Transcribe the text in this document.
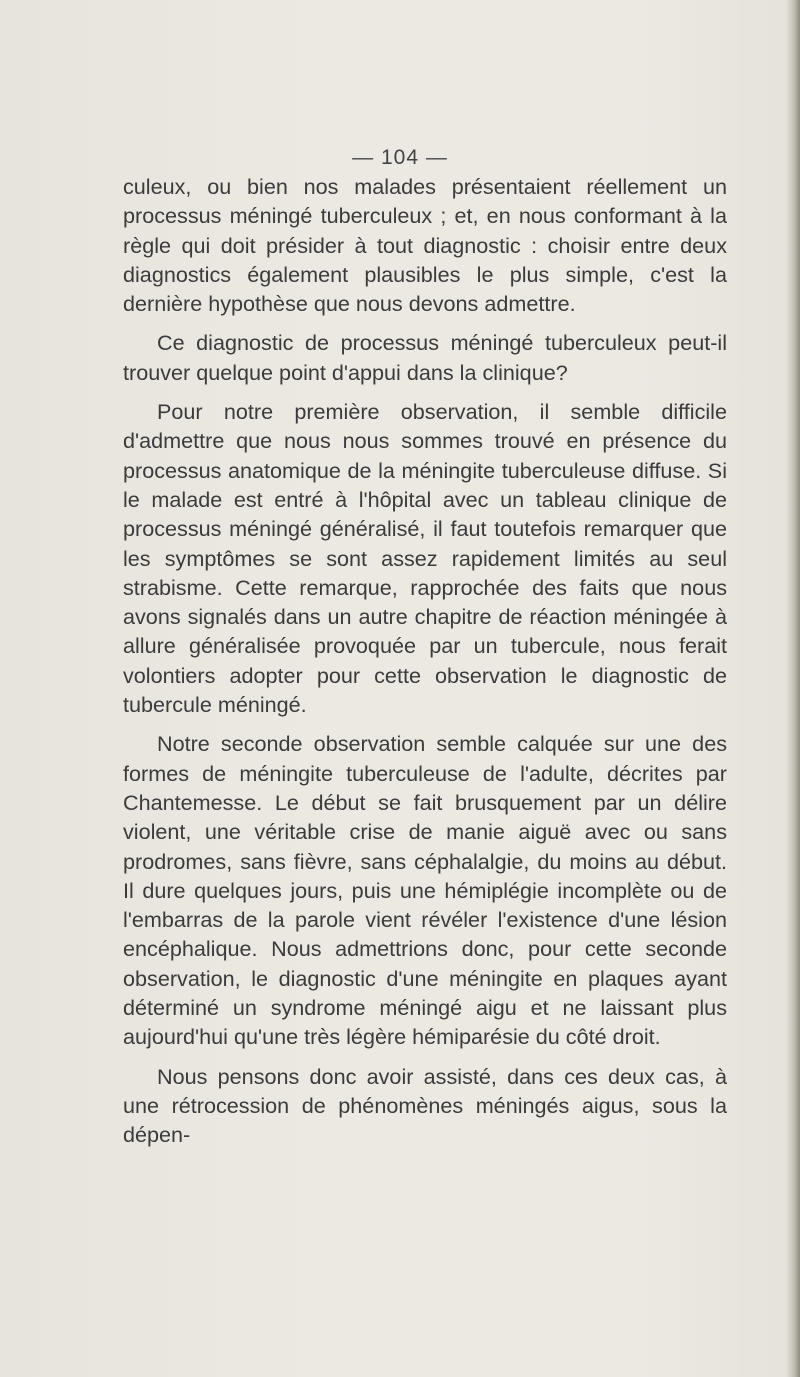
— 104 —

culeux, ou bien nos malades présentaient réellement un processus méningé tuberculeux ; et, en nous conformant à la règle qui doit présider à tout diagnostic : choisir entre deux diagnostics également plausibles le plus simple, c'est la dernière hypothèse que nous devons admettre.

Ce diagnostic de processus méningé tuberculeux peut-il trouver quelque point d'appui dans la clinique?

Pour notre première observation, il semble difficile d'admettre que nous nous sommes trouvé en présence du processus anatomique de la méningite tuberculeuse diffuse. Si le malade est entré à l'hôpital avec un tableau clinique de processus méningé généralisé, il faut toutefois remarquer que les symptômes se sont assez rapidement limités au seul strabisme. Cette remarque, rapprochée des faits que nous avons signalés dans un autre chapitre de réaction méningée à allure généralisée provoquée par un tubercule, nous ferait volontiers adopter pour cette observation le diagnostic de tubercule méningé.

Notre seconde observation semble calquée sur une des formes de méningite tuberculeuse de l'adulte, décrites par Chantemesse. Le début se fait brusquement par un délire violent, une véritable crise de manie aiguë avec ou sans prodromes, sans fièvre, sans céphalalgie, du moins au début. Il dure quelques jours, puis une hémiplégie incomplète ou de l'embarras de la parole vient révéler l'existence d'une lésion encéphalique. Nous admettrions donc, pour cette seconde observation, le diagnostic d'une méningite en plaques ayant déterminé un syndrome méningé aigu et ne laissant plus aujourd'hui qu'une très légère hémiparésie du côté droit.

Nous pensons donc avoir assisté, dans ces deux cas, à une rétrocession de phénomènes méningés aigus, sous la dépen-
